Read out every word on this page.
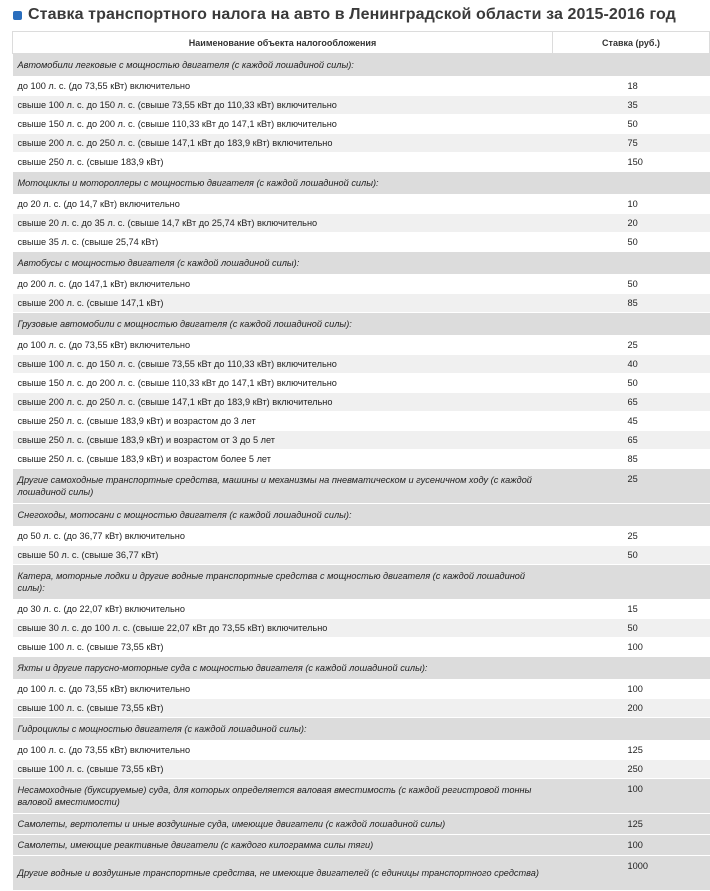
Ставка транспортного налога на авто в Ленинградской области за 2015-2016 год
Наименование объекта налогообложения	Ставка (руб.)
Автомобили легковые с мощностью двигателя (с каждой лошадиной силы):	
до 100 л. с. (до 73,55 кВт) включительно	18
свыше 100 л. с. до 150 л. с. (свыше 73,55 кВт до 110,33 кВт) включительно	35
свыше 150 л. с. до 200 л. с. (свыше 110,33 кВт до 147,1 кВт) включительно	50
свыше 200 л. с. до 250 л. с. (свыше 147,1 кВт до 183,9 кВт) включительно	75
свыше 250 л. с. (свыше 183,9 кВт)	150
Мотоциклы и мотороллеры с мощностью двигателя (с каждой лошадиной силы):	
до 20 л. с. (до 14,7 кВт) включительно	10
свыше 20 л. с. до 35 л. с. (свыше 14,7 кВт до 25,74 кВт) включительно	20
свыше 35 л. с. (свыше 25,74 кВт)	50
Автобусы с мощностью двигателя (с каждой лошадиной силы):	
до 200 л. с. (до 147,1 кВт) включительно	50
свыше 200 л. с. (свыше 147,1 кВт)	85
Грузовые автомобили с мощностью двигателя (с каждой лошадиной силы):	
до 100 л. с. (до 73,55 кВт) включительно	25
свыше 100 л. с. до 150 л. с. (свыше 73,55 кВт до 110,33 кВт) включительно	40
свыше 150 л. с. до 200 л. с. (свыше 110,33 кВт до 147,1 кВт) включительно	50
свыше 200 л. с. до 250 л. с. (свыше 147,1 кВт до 183,9 кВт) включительно	65
свыше 250 л. с. (свыше 183,9 кВт) и возрастом до 3 лет	45
свыше 250 л. с. (свыше 183,9 кВт) и возрастом от 3 до 5 лет	65
свыше 250 л. с. (свыше 183,9 кВт) и возрастом более 5 лет	85
Другие самоходные транспортные средства, машины и механизмы на пневматическом и гусеничном ходу (с каждой лошадиной силы)	25
Снегоходы, мотосани с мощностью двигателя (с каждой лошадиной силы):	
до 50 л. с. (до 36,77 кВт) включительно	25
свыше 50 л. с. (свыше 36,77 кВт)	50
Катера, моторные лодки и другие водные транспортные средства с мощностью двигателя (с каждой лошадиной силы):	
до 30 л. с. (до 22,07 кВт) включительно	15
свыше 30 л. с. до 100 л. с. (свыше 22,07 кВт до 73,55 кВт) включительно	50
свыше 100 л. с. (свыше 73,55 кВт)	100
Яхты и другие парусно-моторные суда с мощностью двигателя (с каждой лошадиной силы):	
до 100 л. с. (до 73,55 кВт) включительно	100
свыше 100 л. с. (свыше 73,55 кВт)	200
Гидроциклы с мощностью двигателя (с каждой лошадиной силы):	
до 100 л. с. (до 73,55 кВт) включительно	125
свыше 100 л. с. (свыше 73,55 кВт)	250
Несамоходные (буксируемые) суда, для которых определяется валовая вместимость (с каждой регистровой тонны валовой вместимости)	100
Самолеты, вертолеты и иные воздушные суда, имеющие двигатели (с каждой лошадиной силы)	125
Самолеты, имеющие реактивные двигатели (с каждого килограмма силы тяги)	100
Другие водные и воздушные транспортные средства, не имеющие двигателей (с единицы транспортного средства)	1000
